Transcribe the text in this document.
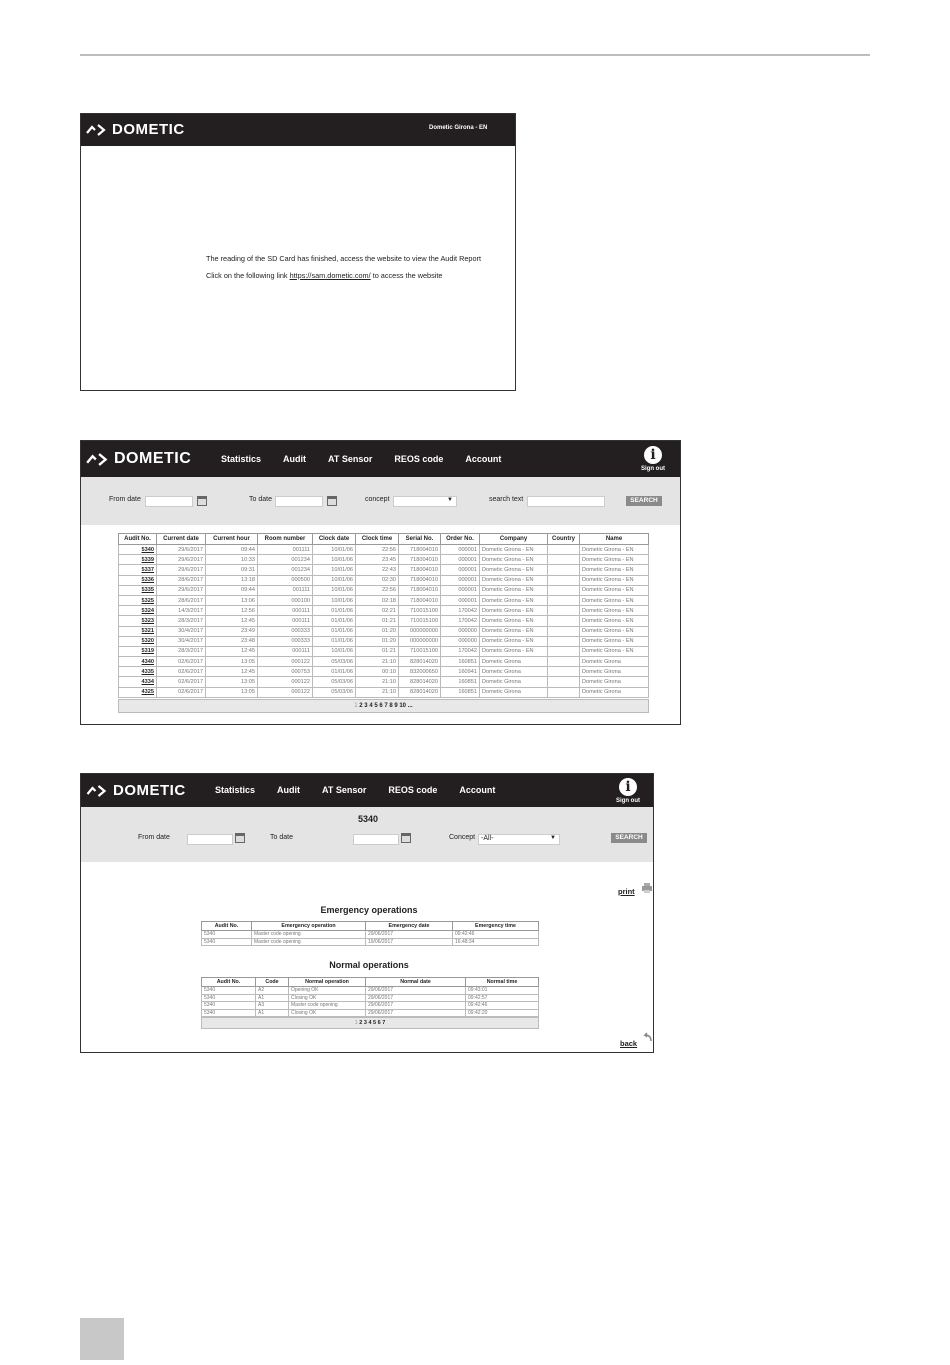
DOMETIC	Dometic Girona - EN
The reading of the SD Card has finished, access the website to view the Audit Report
Click on the following link https://sam.dometic.com/ to access the website
DOMETIC	Statistics Audit AT Sensor REOS code Account	i
Sign out
From date	To date	concept	▼	search text	SEARCH
Audit No.	Current date	Current hour	Room number	Clock date	Clock time	Serial No.	Order No.	Company	Country	Name
5340	29/6/2017	09:44	001111	10/01/06	22:56	718004010	000001	Dometic Girona - EN		Dometic Girona - EN
5339	29/6/2017	10:33	001234	10/01/06	23:45	718004010	000001	Dometic Girona - EN		Dometic Girona - EN
5337	29/6/2017	09:31	001234	10/01/06	22:43	718004010	000001	Dometic Girona - EN		Dometic Girona - EN
5336	28/6/2017	13:18	000500	10/01/06	02:30	718004010	000001	Dometic Girona - EN		Dometic Girona - EN
5335	29/6/2017	09:44	001111	10/01/06	22:56	718004010	000001	Dometic Girona - EN		Dometic Girona - EN
5325	28/6/2017	13:06	000100	10/01/06	02:18	718004010	000001	Dometic Girona - EN		Dometic Girona - EN
5324	14/3/2017	12:56	000111	01/01/06	02:21	710015100	170042	Dometic Girona - EN		Dometic Girona - EN
5323	28/3/2017	12:45	000111	01/01/06	01:21	710015100	170042	Dometic Girona - EN		Dometic Girona - EN
5321	30/4/2017	23:49	000333	01/01/06	01:20	000000000	000000	Dometic Girona - EN		Dometic Girona - EN
5320	30/4/2017	23:48	000333	01/01/06	01:20	000000000	000000	Dometic Girona - EN		Dometic Girona - EN
5319	28/3/2017	12:45	000111	10/01/06	01:21	710015100	170042	Dometic Girona - EN		Dometic Girona - EN
4340	02/6/2017	13:05	000122	05/03/06	21:10	828014020	160851	Dometic Girona		Dometic Girona
4335	02/6/2017	12:45	000753	01/01/06	00:10	832000650	160941	Dometic Girona		Dometic Girona
4334	02/6/2017	13:05	000122	05/03/06	21:10	828014020	160851	Dometic Girona		Dometic Girona
4325	02/6/2017	13:05	000122	05/03/06	21:10	828014020	160851	Dometic Girona		Dometic Girona
1 2 3 4 5 6 7 8 9 10 ...
DOMETIC	Statistics Audit AT Sensor REOS code Account	i
Sign out
5340
From date	To date	Concept -All-	▼	SEARCH
print
Emergency operations
Audit No.	Emergency operation	Emergency date	Emergency time
5340	Master code opening	29/06/2017	09:42:46
5340	Master code opening	19/06/2017	16:48:34
Normal operations
Audit No.	Code	Normal operation	Normal date	Normal time
5340	A2	Opening OK	29/06/2017	09:43:01
5340	A1	Closing OK	29/06/2017	09:42:57
5340	A3	Master code opening	29/06/2017	09:42:46
5340	A1	Closing OK	29/06/2017	09:42:20
1 2 3 4 5 6 7
back
